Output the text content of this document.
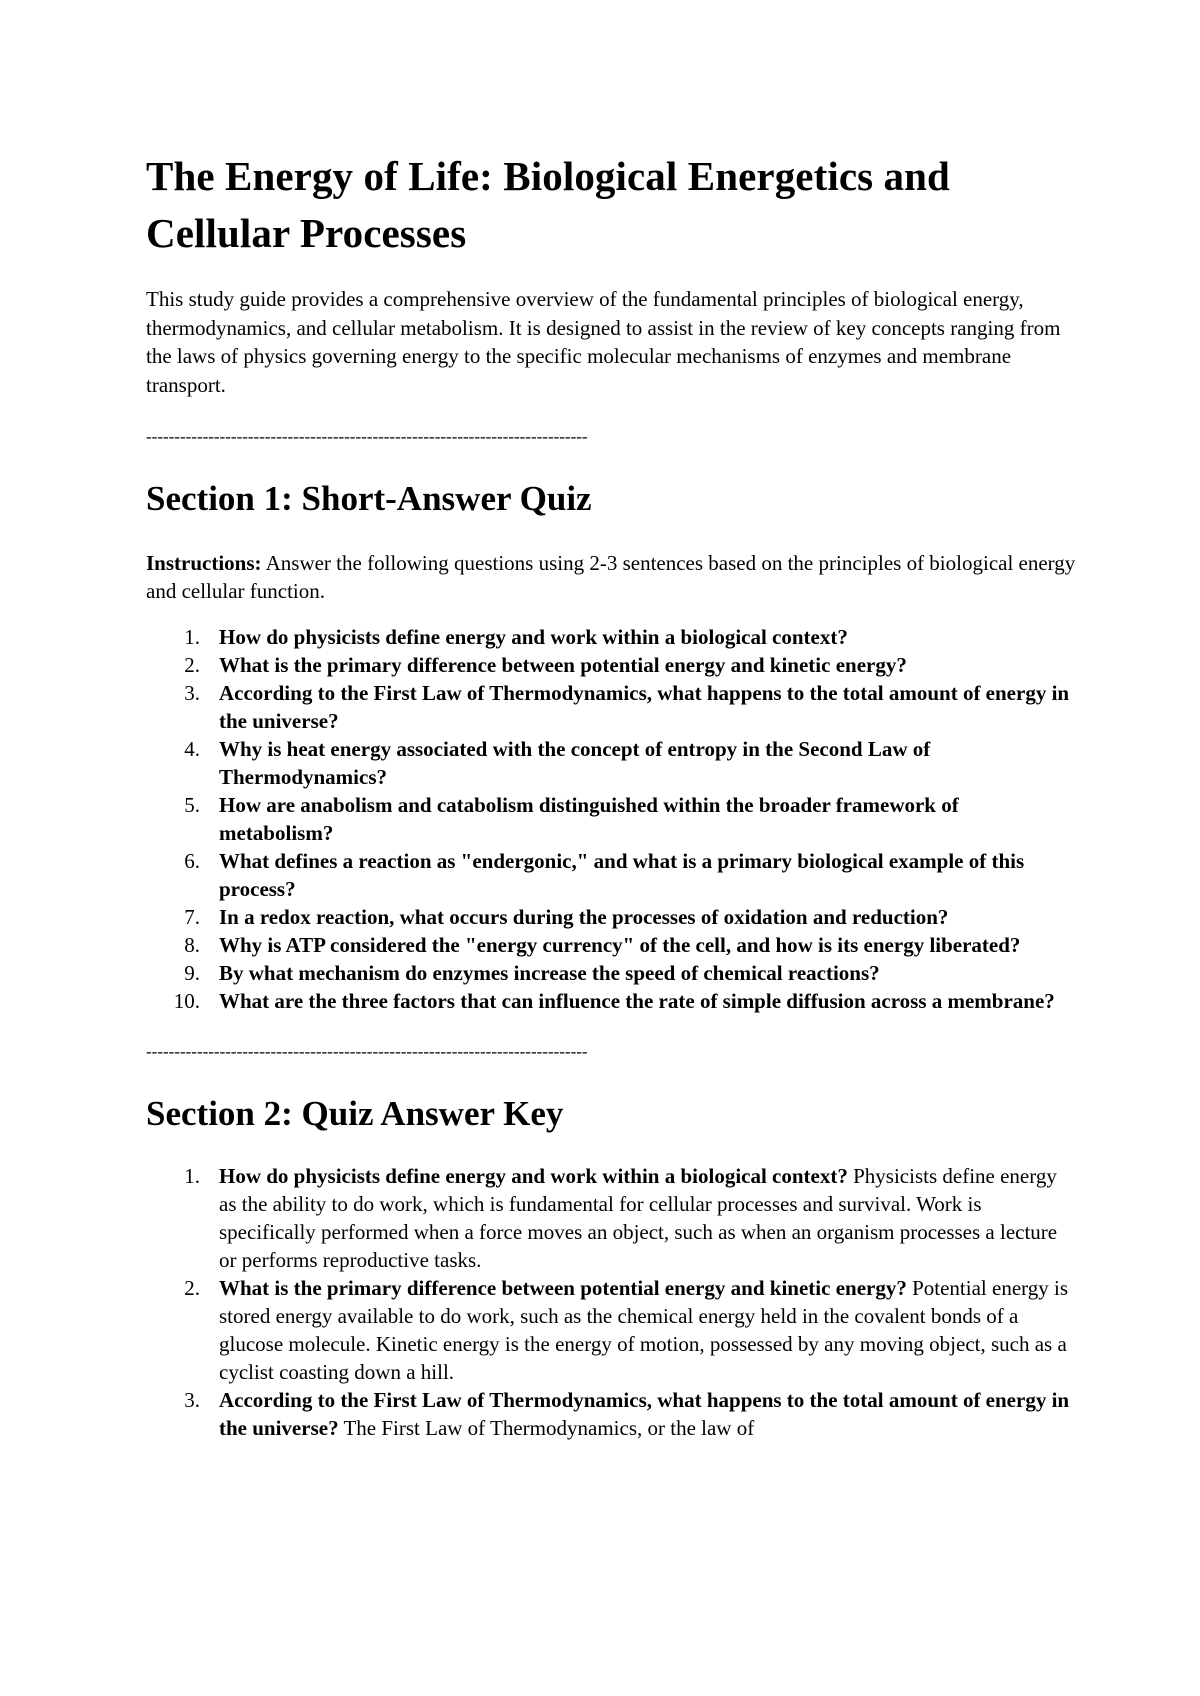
The Energy of Life: Biological Energetics and Cellular Processes

This study guide provides a comprehensive overview of the fundamental principles of biological energy, thermodynamics, and cellular metabolism. It is designed to assist in the review of key concepts ranging from the laws of physics governing energy to the specific molecular mechanisms of enzymes and membrane transport.

------------------------------------------------------------------------------
Section 1: Short-Answer Quiz

Instructions: Answer the following questions using 2-3 sentences based on the principles of biological energy and cellular function.

1. How do physicists define energy and work within a biological context?
2. What is the primary difference between potential energy and kinetic energy?
3. According to the First Law of Thermodynamics, what happens to the total amount of energy in the universe?
4. Why is heat energy associated with the concept of entropy in the Second Law of Thermodynamics?
5. How are anabolism and catabolism distinguished within the broader framework of metabolism?
6. What defines a reaction as "endergonic," and what is a primary biological example of this process?
7. In a redox reaction, what occurs during the processes of oxidation and reduction?
8. Why is ATP considered the "energy currency" of the cell, and how is its energy liberated?
9. By what mechanism do enzymes increase the speed of chemical reactions?
10. What are the three factors that can influence the rate of simple diffusion across a membrane?
------------------------------------------------------------------------------
Section 2: Quiz Answer Key
1. How do physicists define energy and work within a biological context? Physicists define energy as the ability to do work, which is fundamental for cellular processes and survival. Work is specifically performed when a force moves an object, such as when an organism processes a lecture or performs reproductive tasks.
2. What is the primary difference between potential energy and kinetic energy? Potential energy is stored energy available to do work, such as the chemical energy held in the covalent bonds of a glucose molecule. Kinetic energy is the energy of motion, possessed by any moving object, such as a cyclist coasting down a hill.
3. According to the First Law of Thermodynamics, what happens to the total amount of energy in the universe? The First Law of Thermodynamics, or the law of
